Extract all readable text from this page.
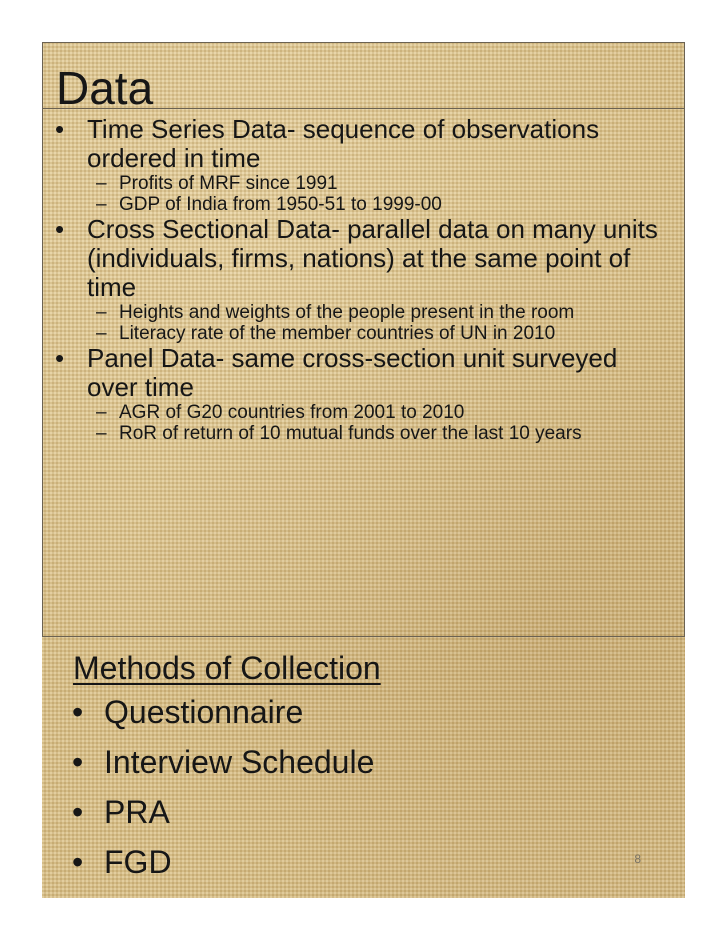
Data
• Time Series Data- sequence of observations ordered in time
– Profits of MRF since 1991
– GDP of India from 1950-51 to 1999-00
• Cross Sectional Data- parallel data on many units (individuals, firms, nations) at the same point of time
– Heights and weights of the people present in the room
– Literacy rate of the member countries of UN in 2010
• Panel Data- same cross-section unit surveyed over time
– AGR of G20 countries from 2001 to 2010
– RoR of return of 10 mutual funds over the last 10 years
Methods of Collection
• Questionnaire
• Interview Schedule
• PRA
• FGD	8
